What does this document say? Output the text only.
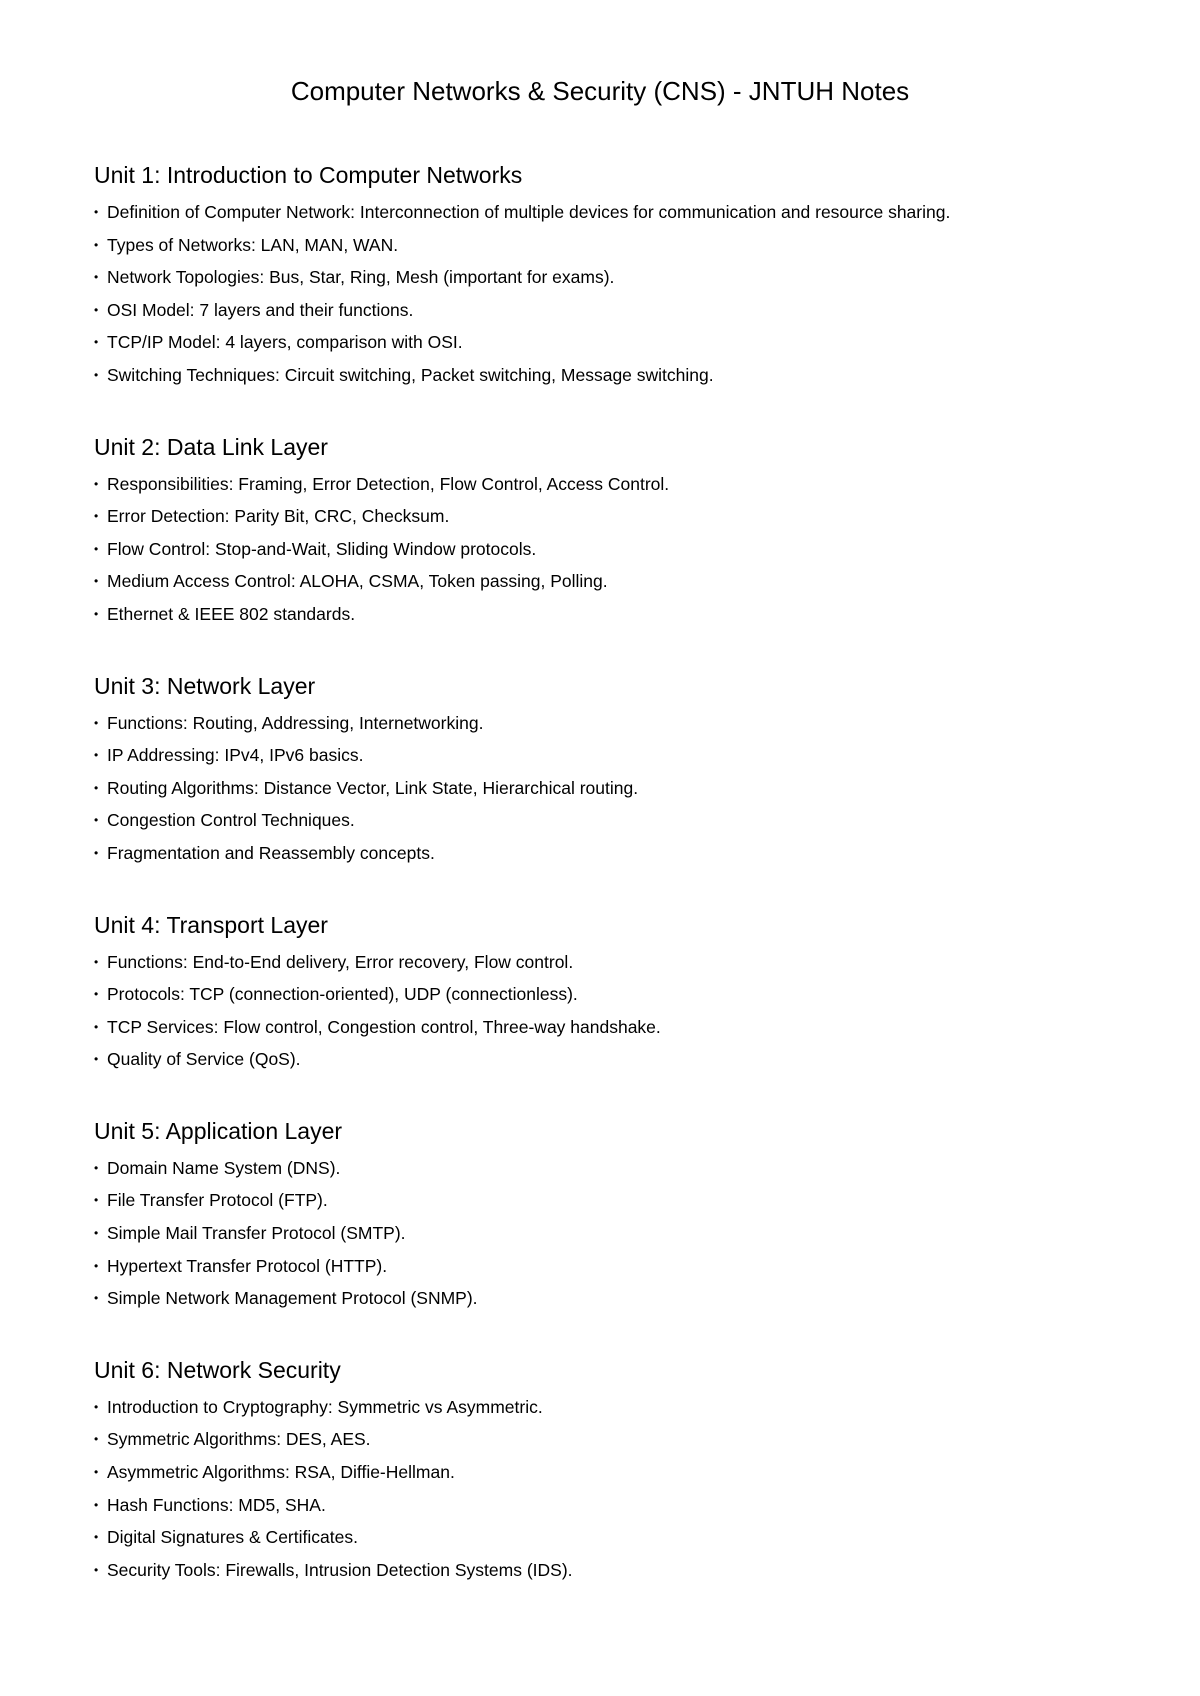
Computer Networks & Security (CNS) - JNTUH Notes
Unit 1: Introduction to Computer Networks
• Definition of Computer Network: Interconnection of multiple devices for communication and resource sharing.
• Types of Networks: LAN, MAN, WAN.
• Network Topologies: Bus, Star, Ring, Mesh (important for exams).
• OSI Model: 7 layers and their functions.
• TCP/IP Model: 4 layers, comparison with OSI.
• Switching Techniques: Circuit switching, Packet switching, Message switching.
Unit 2: Data Link Layer
• Responsibilities: Framing, Error Detection, Flow Control, Access Control.
• Error Detection: Parity Bit, CRC, Checksum.
• Flow Control: Stop-and-Wait, Sliding Window protocols.
• Medium Access Control: ALOHA, CSMA, Token passing, Polling.
• Ethernet & IEEE 802 standards.
Unit 3: Network Layer
• Functions: Routing, Addressing, Internetworking.
• IP Addressing: IPv4, IPv6 basics.
• Routing Algorithms: Distance Vector, Link State, Hierarchical routing.
• Congestion Control Techniques.
• Fragmentation and Reassembly concepts.
Unit 4: Transport Layer
• Functions: End-to-End delivery, Error recovery, Flow control.
• Protocols: TCP (connection-oriented), UDP (connectionless).
• TCP Services: Flow control, Congestion control, Three-way handshake.
• Quality of Service (QoS).
Unit 5: Application Layer
• Domain Name System (DNS).
• File Transfer Protocol (FTP).
• Simple Mail Transfer Protocol (SMTP).
• Hypertext Transfer Protocol (HTTP).
• Simple Network Management Protocol (SNMP).
Unit 6: Network Security
• Introduction to Cryptography: Symmetric vs Asymmetric.
• Symmetric Algorithms: DES, AES.
• Asymmetric Algorithms: RSA, Diffie-Hellman.
• Hash Functions: MD5, SHA.
• Digital Signatures & Certificates.
• Security Tools: Firewalls, Intrusion Detection Systems (IDS).
